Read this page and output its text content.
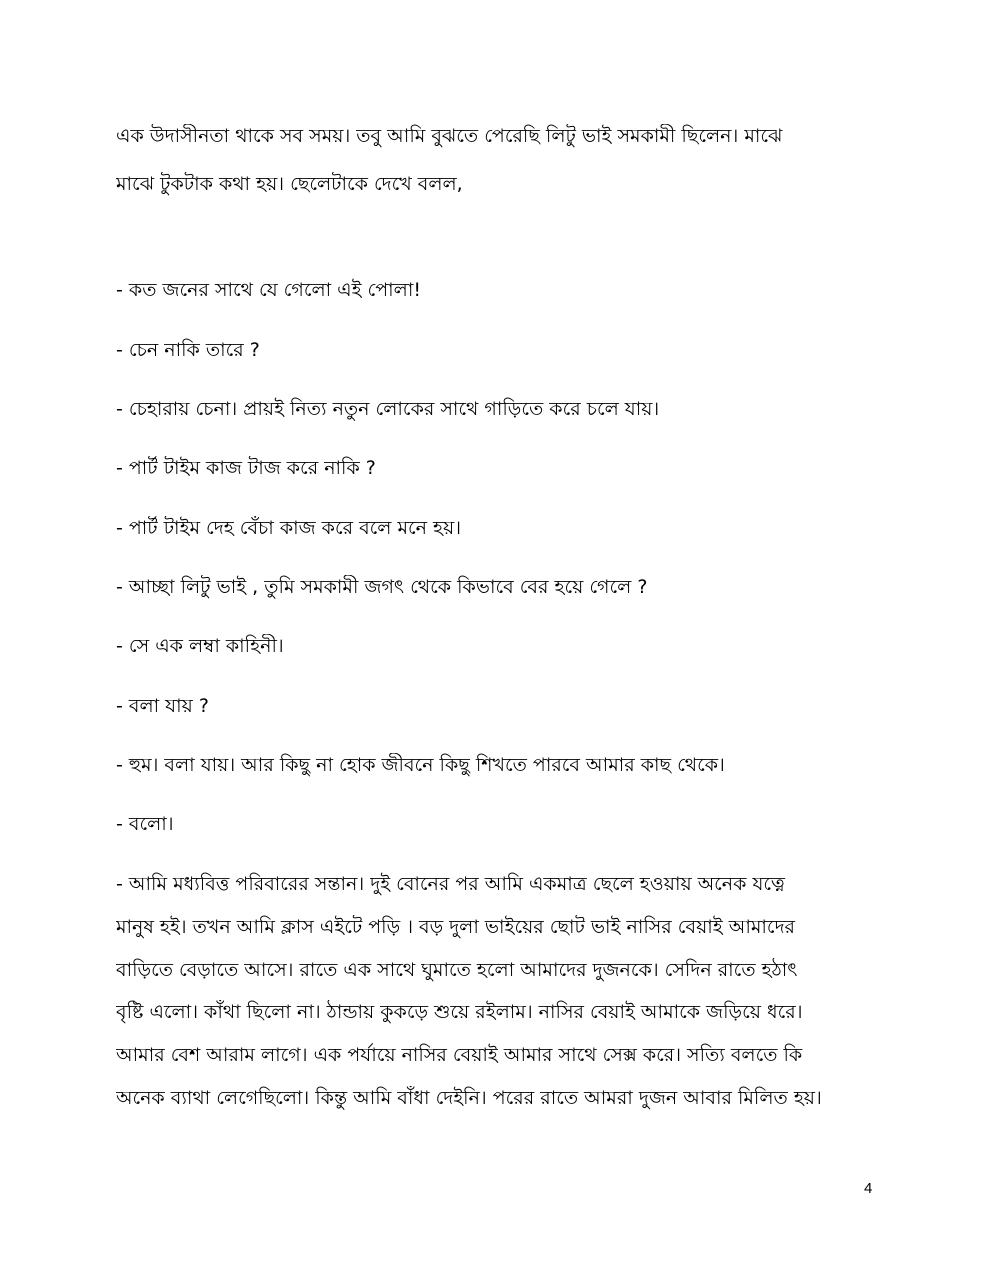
এক উদাসীনতা থাকে সব সময়। তবু আমি বুঝতে পেরেছি লিটু ভাই সমকামী ছিলেন। মাঝে
মাঝে টুকটাক কথা হয়। ছেলেটাকে দেখে বলল,
- কত জনের সাথে যে গেলো এই পোলা!
- চেন নাকি তারে ?
- চেহারায় চেনা। প্রায়ই নিত্য নতুন লোকের সাথে গাড়িতে করে চলে যায়।
- পার্ট টাইম কাজ টাজ করে নাকি ?
- পার্ট টাইম দেহ বেঁচা কাজ করে বলে মনে হয়।
- আচ্ছা লিটু ভাই , তুমি সমকামী জগৎ থেকে কিভাবে বের হয়ে গেলে ?
- সে এক লম্বা কাহিনী।
- বলা যায় ?
- হুম। বলা যায়। আর কিছু না হোক জীবনে কিছু শিখতে পারবে আমার কাছ থেকে।
- বলো।
- আমি মধ্যবিত্ত পরিবারের সন্তান। দুই বোনের পর আমি একমাত্র ছেলে হওয়ায় অনেক যত্নে
মানুষ হই। তখন আমি ক্লাস এইটে পড়ি । বড় দুলা ভাইয়ের ছোট ভাই নাসির বেয়াই আমাদের
বাড়িতে বেড়াতে আসে। রাতে এক সাথে ঘুমাতে হলো আমাদের দুজনকে। সেদিন রাতে হঠাৎ
বৃষ্টি এলো। কাঁথা ছিলো না। ঠান্ডায় কুকড়ে শুয়ে রইলাম। নাসির বেয়াই আমাকে জড়িয়ে ধরে।
আমার বেশ আরাম লাগে। এক পর্যায়ে নাসির বেয়াই আমার সাথে সেক্স করে। সত্যি বলতে কি
অনেক ব্যাথা লেগেছিলো। কিন্তু আমি বাঁধা দেইনি। পরের রাতে আমরা দুজন আবার মিলিত হয়।
4
